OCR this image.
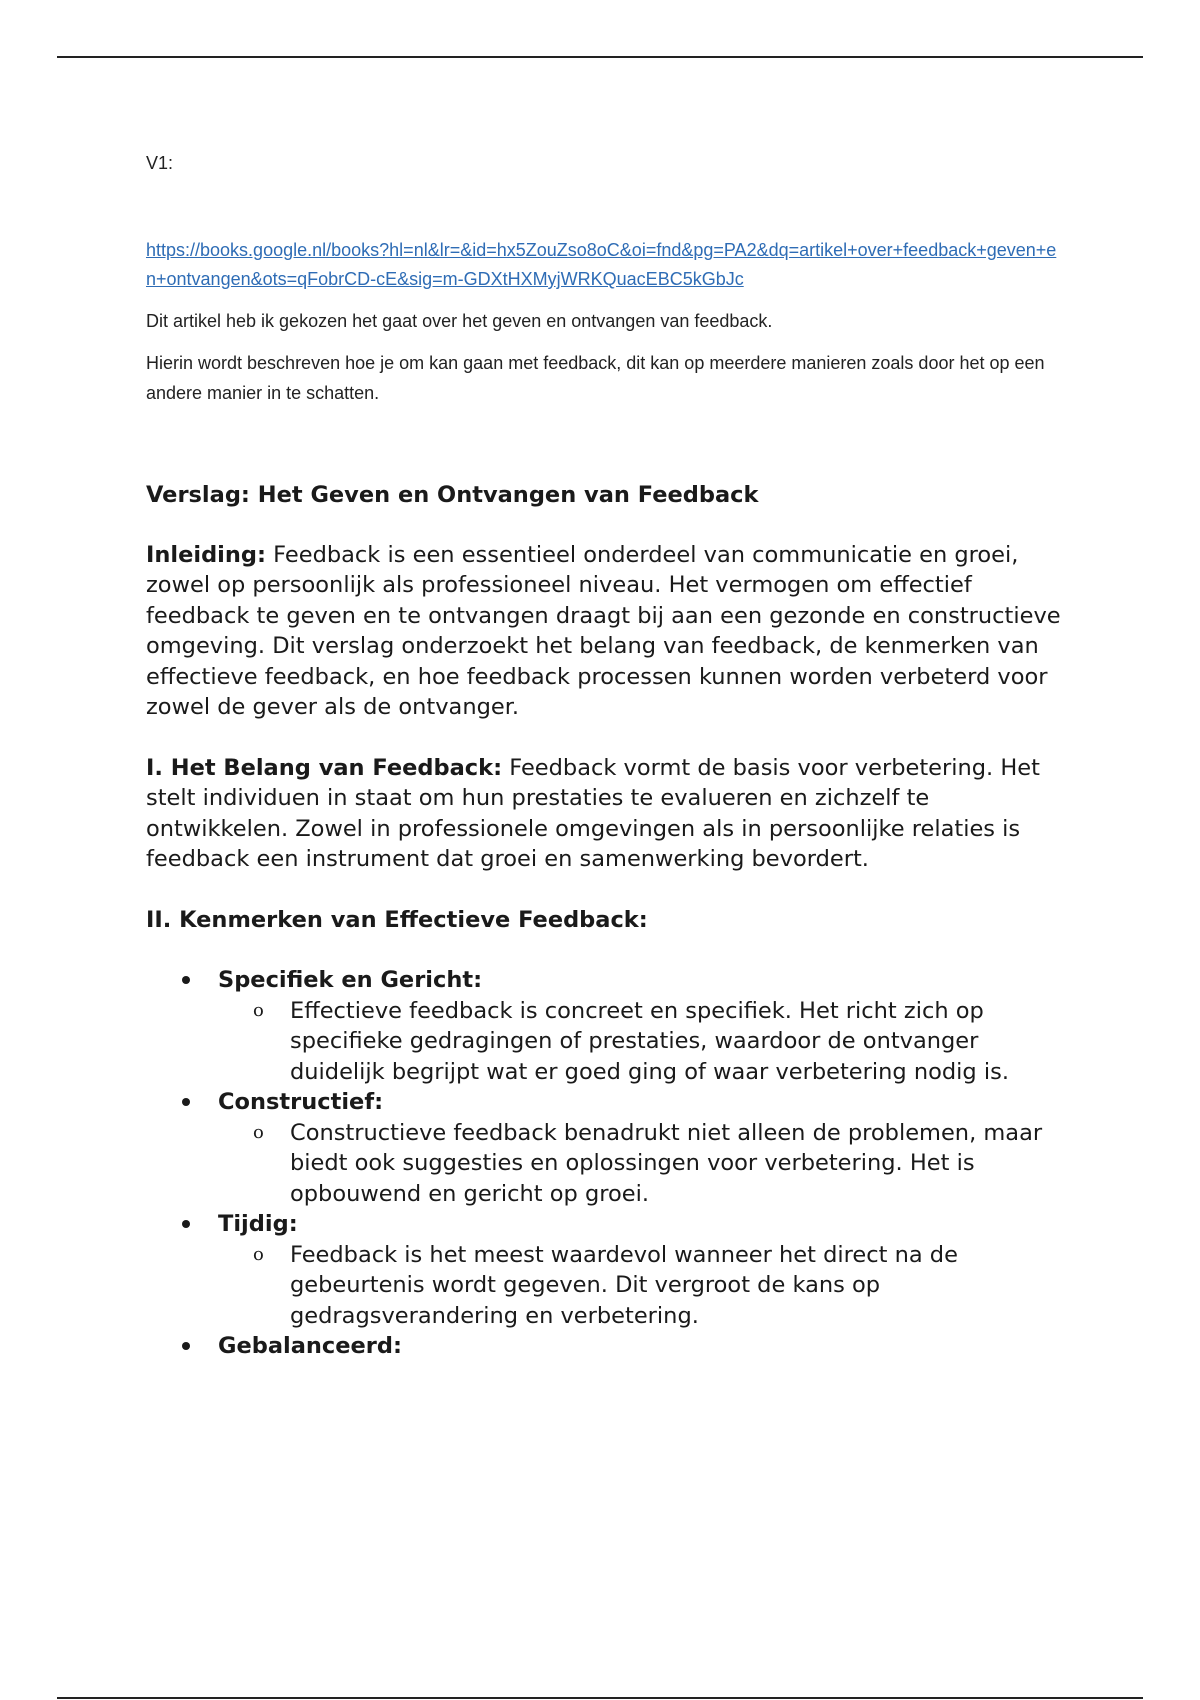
V1:

https://books.google.nl/books?hl=nl&lr=&id=hx5ZouZso8oC&oi=fnd&pg=PA2&dq=artikel+over+feedback+geven+en+ontvangen&ots=qFobrCD-cE&sig=m-GDXtHXMyjWRKQuacEBC5kGbJc

Dit artikel heb ik gekozen het gaat over het geven en ontvangen van feedback.

Hierin wordt beschreven hoe je om kan gaan met feedback, dit kan op meerdere manieren zoals door het op een andere manier in te schatten.

Verslag: Het Geven en Ontvangen van Feedback

Inleiding: Feedback is een essentieel onderdeel van communicatie en groei, zowel op persoonlijk als professioneel niveau. Het vermogen om effectief feedback te geven en te ontvangen draagt bij aan een gezonde en constructieve omgeving. Dit verslag onderzoekt het belang van feedback, de kenmerken van effectieve feedback, en hoe feedback processen kunnen worden verbeterd voor zowel de gever als de ontvanger.

I. Het Belang van Feedback: Feedback vormt de basis voor verbetering. Het stelt individuen in staat om hun prestaties te evalueren en zichzelf te ontwikkelen. Zowel in professionele omgevingen als in persoonlijke relaties is feedback een instrument dat groei en samenwerking bevordert.

II. Kenmerken van Effectieve Feedback:

Specifiek en Gericht:
o Effectieve feedback is concreet en specifiek. Het richt zich op specifieke gedragingen of prestaties, waardoor de ontvanger duidelijk begrijpt wat er goed ging of waar verbetering nodig is.
Constructief:
o Constructieve feedback benadrukt niet alleen de problemen, maar biedt ook suggesties en oplossingen voor verbetering. Het is opbouwend en gericht op groei.
Tijdig:
o Feedback is het meest waardevol wanneer het direct na de gebeurtenis wordt gegeven. Dit vergroot de kans op gedragsverandering en verbetering.
Gebalanceerd:
